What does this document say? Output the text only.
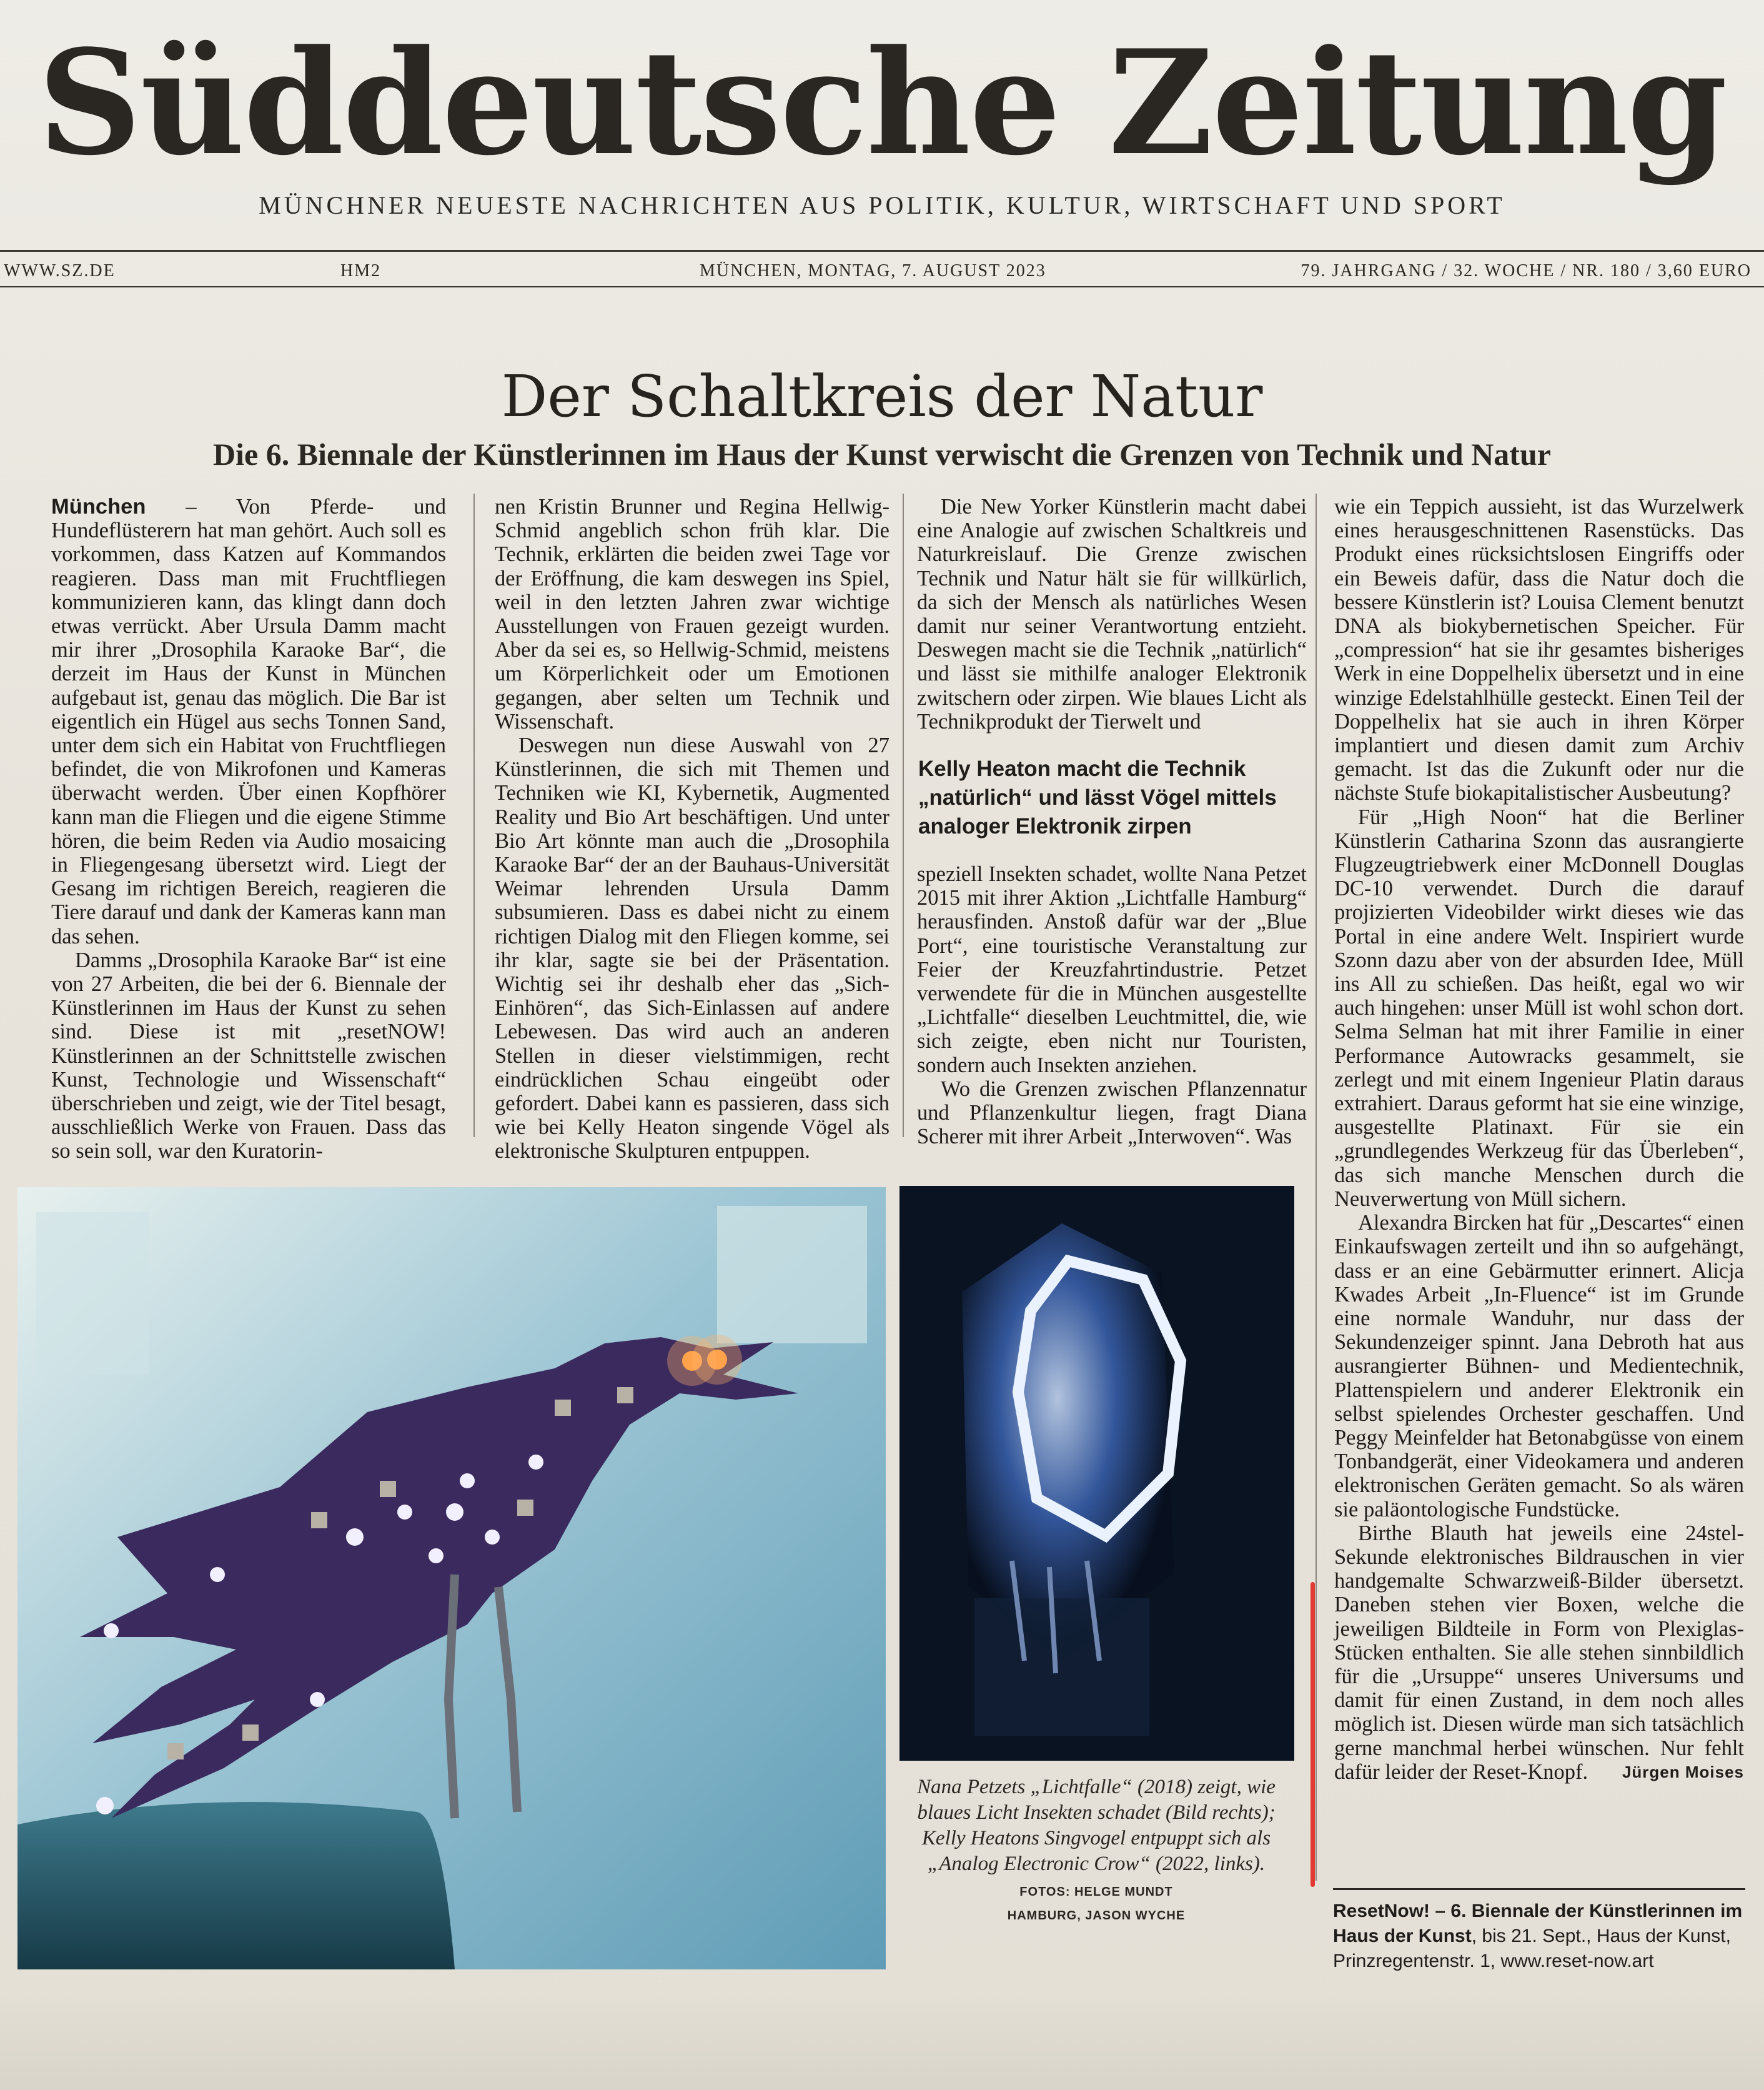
Süddeutsche Zeitung
MÜNCHNER NEUESTE NACHRICHTEN AUS POLITIK, KULTUR, WIRTSCHAFT UND SPORT
WWW.SZ.DE	HM2	MÜNCHEN, MONTAG, 7. AUGUST 2023	79. JAHRGANG / 32. WOCHE / NR. 180 / 3,60 EURO
Der Schaltkreis der Natur
Die 6. Biennale der Künstlerinnen im Haus der Kunst verwischt die Grenzen von Technik und Natur

München – Von Pferde- und Hundeflüsterern hat man gehört. Auch soll es vorkommen, dass Katzen auf Kommandos reagieren. Dass man mit Fruchtfliegen kommunizieren kann, das klingt dann doch etwas verrückt. Aber Ursula Damm macht mir ihrer „Drosophila Karaoke Bar“, die derzeit im Haus der Kunst in München aufgebaut ist, genau das möglich. Die Bar ist eigentlich ein Hügel aus sechs Tonnen Sand, unter dem sich ein Habitat von Fruchtfliegen befindet, die von Mikrofonen und Kameras überwacht werden. Über einen Kopfhörer kann man die Fliegen und die eigene Stimme hören, die beim Reden via Audio mosaicing in Fliegengesang übersetzt wird. Liegt der Gesang im richtigen Bereich, reagieren die Tiere darauf und dank der Kameras kann man das sehen.

Damms „Drosophila Karaoke Bar“ ist eine von 27 Arbeiten, die bei der 6. Biennale der Künstlerinnen im Haus der Kunst zu sehen sind. Diese ist mit „resetNOW! Künstlerinnen an der Schnittstelle zwischen Kunst, Technologie und Wissenschaft“ überschrieben und zeigt, wie der Titel besagt, ausschließlich Werke von Frauen. Dass das so sein soll, war den Kuratorin-

nen Kristin Brunner und Regina Hellwig-Schmid angeblich schon früh klar. Die Technik, erklärten die beiden zwei Tage vor der Eröffnung, die kam deswegen ins Spiel, weil in den letzten Jahren zwar wichtige Ausstellungen von Frauen gezeigt wurden. Aber da sei es, so Hellwig-Schmid, meistens um Körperlichkeit oder um Emotionen gegangen, aber selten um Technik und Wissenschaft.

Deswegen nun diese Auswahl von 27 Künstlerinnen, die sich mit Themen und Techniken wie KI, Kybernetik, Augmented Reality und Bio Art beschäftigen. Und unter Bio Art könnte man auch die „Drosophila Karaoke Bar“ der an der Bauhaus-Universität Weimar lehrenden Ursula Damm subsumieren. Dass es dabei nicht zu einem richtigen Dialog mit den Fliegen komme, sei ihr klar, sagte sie bei der Präsentation. Wichtig sei ihr deshalb eher das „Sich-Einhören“, das Sich-Einlassen auf andere Lebewesen. Das wird auch an anderen Stellen in dieser vielstimmigen, recht eindrücklichen Schau eingeübt oder gefordert. Dabei kann es passieren, dass sich wie bei Kelly Heaton singende Vögel als elektronische Skulpturen entpuppen.

Die New Yorker Künstlerin macht dabei eine Analogie auf zwischen Schaltkreis und Naturkreislauf. Die Grenze zwischen Technik und Natur hält sie für willkürlich, da sich der Mensch als natürliches Wesen damit nur seiner Verantwortung entzieht. Deswegen macht sie die Technik „natürlich“ und lässt sie mithilfe analoger Elektronik zwitschern oder zirpen. Wie blaues Licht als Technikprodukt der Tierwelt und

Kelly Heaton macht die Technik „natürlich“ und lässt Vögel mittels analoger Elektronik zirpen

speziell Insekten schadet, wollte Nana Petzet 2015 mit ihrer Aktion „Lichtfalle Hamburg“ herausfinden. Anstoß dafür war der „Blue Port“, eine touristische Veranstaltung zur Feier der Kreuzfahrtindustrie. Petzet verwendete für die in München ausgestellte „Lichtfalle“ dieselben Leuchtmittel, die, wie sich zeigte, eben nicht nur Touristen, sondern auch Insekten anziehen.

Wo die Grenzen zwischen Pflanzennatur und Pflanzenkultur liegen, fragt Diana Scherer mit ihrer Arbeit „Interwoven“. Was

wie ein Teppich aussieht, ist das Wurzelwerk eines herausgeschnittenen Rasenstücks. Das Produkt eines rücksichtslosen Eingriffs oder ein Beweis dafür, dass die Natur doch die bessere Künstlerin ist? Louisa Clement benutzt DNA als biokybernetischen Speicher. Für „compression“ hat sie ihr gesamtes bisheriges Werk in eine Doppelhelix übersetzt und in eine winzige Edelstahlhülle gesteckt. Einen Teil der Doppelhelix hat sie auch in ihren Körper implantiert und diesen damit zum Archiv gemacht. Ist das die Zukunft oder nur die nächste Stufe biokapitalistischer Ausbeutung?

Für „High Noon“ hat die Berliner Künstlerin Catharina Szonn das ausrangierte Flugzeugtriebwerk einer McDonnell Douglas DC-10 verwendet. Durch die darauf projizierten Videobilder wirkt dieses wie das Portal in eine andere Welt. Inspiriert wurde Szonn dazu aber von der absurden Idee, Müll ins All zu schießen. Das heißt, egal wo wir auch hingehen: unser Müll ist wohl schon dort. Selma Selman hat mit ihrer Familie in einer Performance Autowracks gesammelt, sie zerlegt und mit einem Ingenieur Platin daraus extrahiert. Daraus geformt hat sie eine winzige, ausgestellte Platinaxt. Für sie ein „grundlegendes Werkzeug für das Überleben“, das sich manche Menschen durch die Neuverwertung von Müll sichern.

Alexandra Bircken hat für „Descartes“ einen Einkaufswagen zerteilt und ihn so aufgehängt, dass er an eine Gebärmutter erinnert. Alicja Kwades Arbeit „In-Fluence“ ist im Grunde eine normale Wanduhr, nur dass der Sekundenzeiger spinnt. Jana Debroth hat aus ausrangierter Bühnen- und Medientechnik, Plattenspielern und anderer Elektronik ein selbst spielendes Orchester geschaffen. Und Peggy Meinfelder hat Betonabgüsse von einem Tonbandgerät, einer Videokamera und anderen elektronischen Geräten gemacht. So als wären sie paläontologische Fundstücke.

Birthe Blauth hat jeweils eine 24stel-Sekunde elektronisches Bildrauschen in vier handgemalte Schwarzweiß-Bilder übersetzt. Daneben stehen vier Boxen, welche die jeweiligen Bildteile in Form von Plexiglas-Stücken enthalten. Sie alle stehen sinnbildlich für die „Ursuppe“ unseres Universums und damit für einen Zustand, in dem noch alles möglich ist. Diesen würde man sich tatsächlich gerne manchmal herbei wünschen. Nur fehlt dafür leider der Reset-Knopf.	Jürgen Moises

Nana Petzets „Lichtfalle“ (2018) zeigt, wie blaues Licht Insekten schadet (Bild rechts); Kelly Heatons Singvogel entpuppt sich als „Analog Electronic Crow“ (2022, links). FOTOS: HELGE MUNDT
HAMBURG, JASON WYCHE	ResetNow! – 6. Biennale der Künstlerinnen im Haus der Kunst, bis 21. Sept., Haus der Kunst, Prinzregentenstr. 1, www.reset-now.art
